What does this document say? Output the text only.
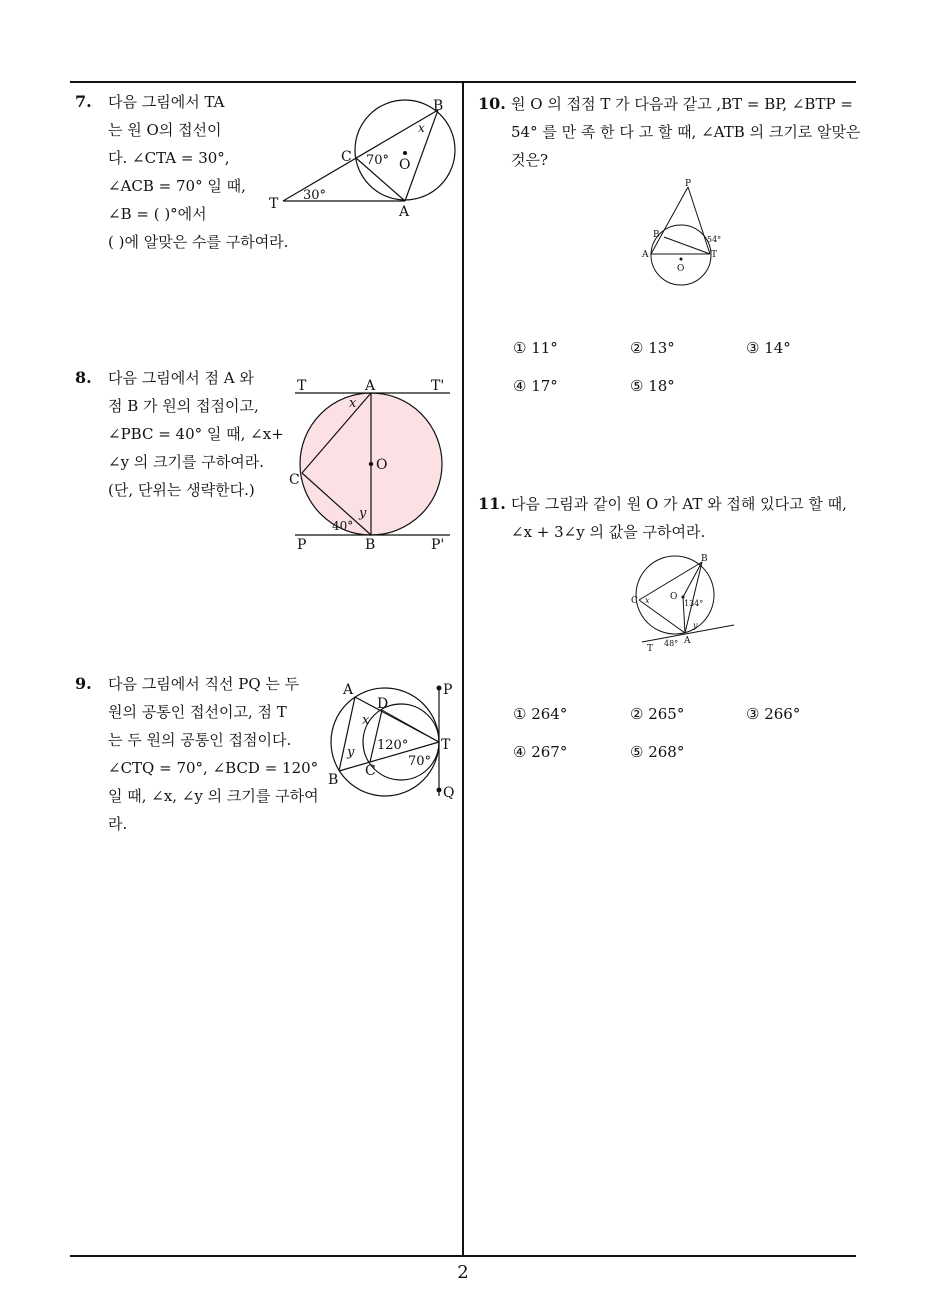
7. 다음 그림에서 TA
는 원 O의 접선이
다. ∠CTA = 30°,
∠ACB = 70° 일 때,
∠B = ( )°에서
( )에 알맞은 수를 구하여라.
B
x
C 70° O
T
30°
A
8. 다음 그림에서 점 A 와
점 B 가 원의 접점이고,
∠PBC = 40° 일 때, ∠x+
∠y 의 크기를 구하여라.
(단, 단위는 생략한다.)
T	A	T'
x
C
O
y
40°
P	B	P'
9. 다음 그림에서 직선 PQ 는 두
원의 공통인 접선이고, 점 T
는 두 원의 공통인 접점이다.
∠CTQ = 70°, ∠BCD = 120°
일 때, ∠x, ∠y 의 크기를 구하여
라.
A
D
P
x
120° T
y
70°
B
C
Q
10. 원 O 의 접점 T 가 다음과 같고 ,BT = BP, ∠BTP =
54° 를 만 족 한 다 고 할 때, ∠ATB 의 크기로 알맞은
것은?
P
B	54°
A	T
O
① 11°	② 13°	③ 14°
④ 17°	⑤ 18°
11. 다음 그림과 같이 원 O 가 AT 와 접해 있다고 할 때,
∠x + 3∠y 의 값을 구하여라.
B
C x O
134°
y
T
48° A
① 264°	② 265°	③ 266°
④ 267°	⑤ 268°
2
